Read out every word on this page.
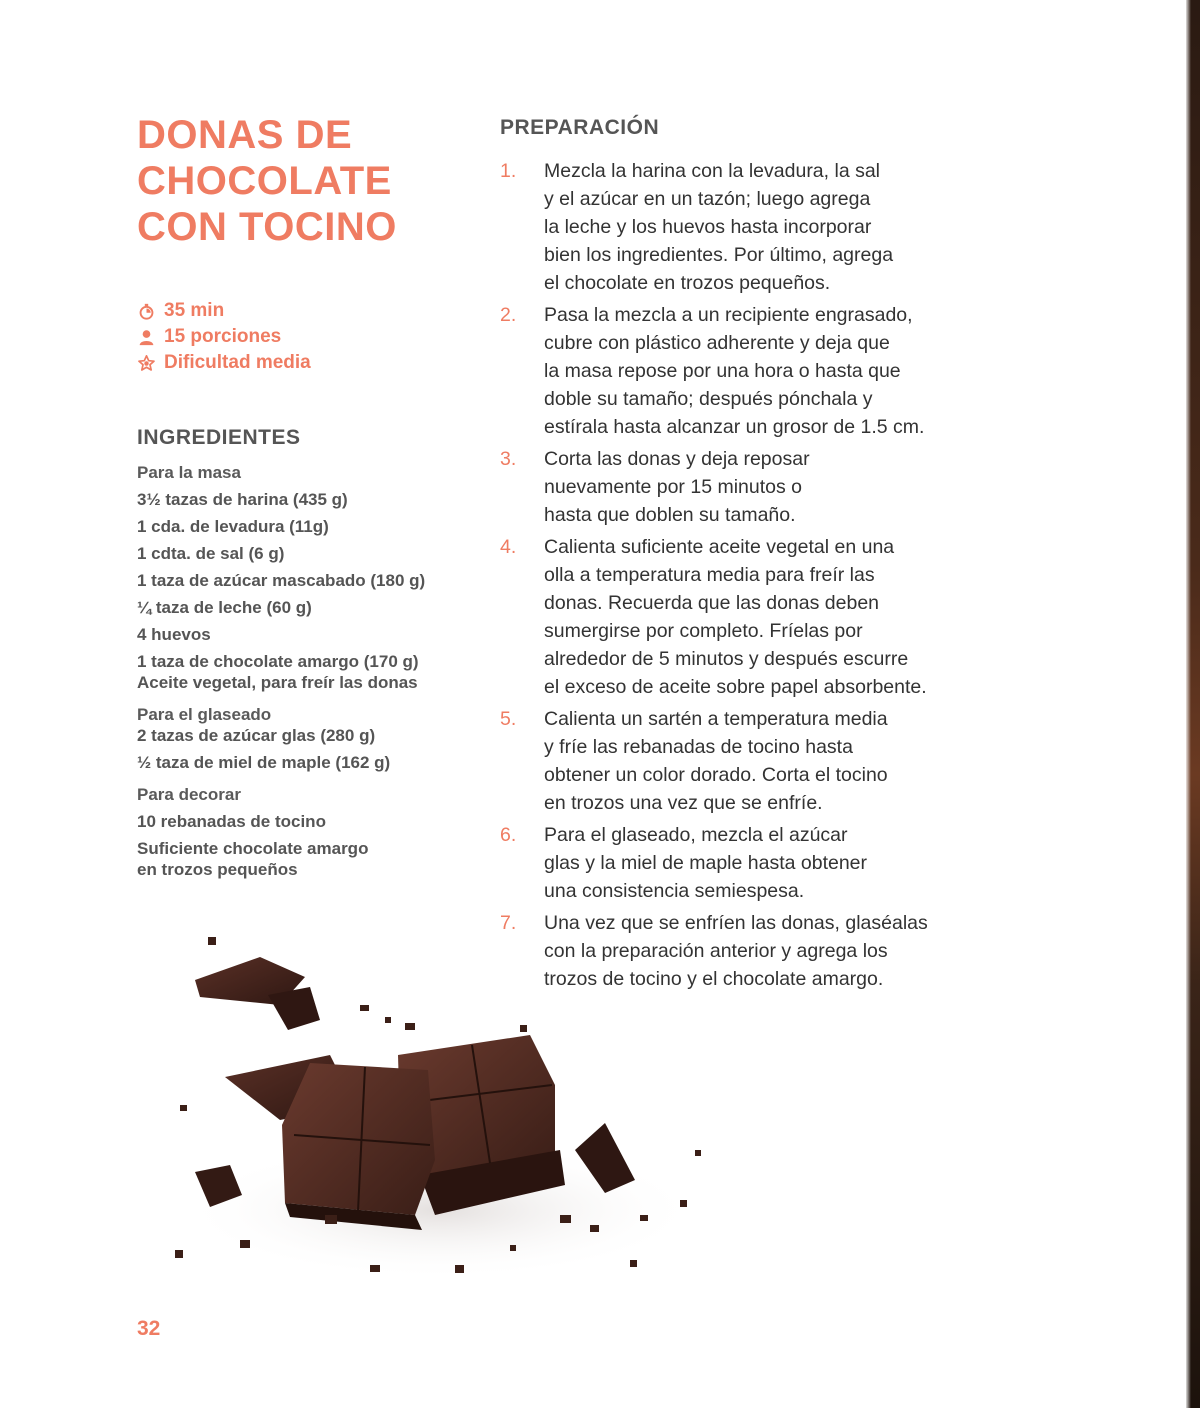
DONAS DE
CHOCOLATE
CON TOCINO
35 min
15 porciones
Dificultad media
INGREDIENTES
Para la masa
3½ tazas de harina (435 g)
1 cda. de levadura (11g)
1 cdta. de sal (6 g)
1 taza de azúcar mascabado (180 g)
¼ taza de leche (60 g)
4 huevos
1 taza de chocolate amargo (170 g)
Aceite vegetal, para freír las donas
Para el glaseado
2 tazas de azúcar glas (280 g)
½ taza de miel de maple (162 g)
Para decorar
10 rebanadas de tocino
Suficiente chocolate amargo
en trozos pequeños
PREPARACIÓN
1.	Mezcla la harina con la levadura, la sal
y el azúcar en un tazón; luego agrega
la leche y los huevos hasta incorporar
bien los ingredientes. Por último, agrega
el chocolate en trozos pequeños.
2.	Pasa la mezcla a un recipiente engrasado,
cubre con plástico adherente y deja que
la masa repose por una hora o hasta que
doble su tamaño; después pónchala y
estírala hasta alcanzar un grosor de 1.5 cm.
3.	Corta las donas y deja reposar
nuevamente por 15 minutos o
hasta que doblen su tamaño.
4.	Calienta suficiente aceite vegetal en una
olla a temperatura media para freír las
donas. Recuerda que las donas deben
sumergirse por completo. Fríelas por
alrededor de 5 minutos y después escurre
el exceso de aceite sobre papel absorbente.
5.	Calienta un sartén a temperatura media
y fríe las rebanadas de tocino hasta
obtener un color dorado. Corta el tocino
en trozos una vez que se enfríe.
6.	Para el glaseado, mezcla el azúcar
glas y la miel de maple hasta obtener
una consistencia semiespesa.
7.	Una vez que se enfríen las donas, glaséalas
con la preparación anterior y agrega los
trozos de tocino y el chocolate amargo.
32
